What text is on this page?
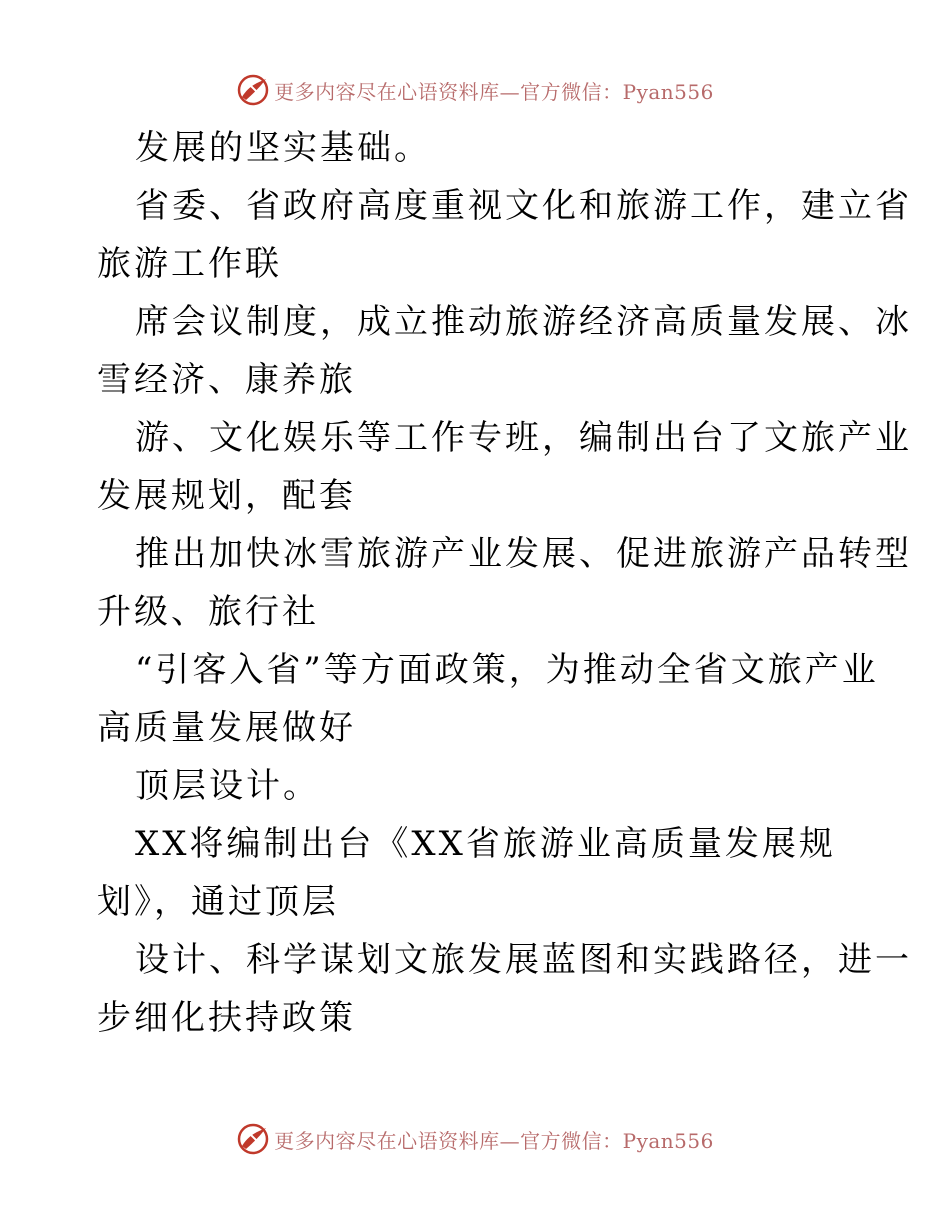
更多内容尽在心语资料库—官方微信：Pyan556
发展的坚实基础。
省委、省政府高度重视文化和旅游工作，建立省
旅游工作联
席会议制度，成立推动旅游经济高质量发展、冰
雪经济、康养旅
游、文化娱乐等工作专班，编制出台了文旅产业
发展规划，配套
推出加快冰雪旅游产业发展、促进旅游产品转型
升级、旅行社
“引客入省”等方面政策，为推动全省文旅产业
高质量发展做好
顶层设计。
XX将编制出台《XX省旅游业高质量发展规
划》，通过顶层
设计、科学谋划文旅发展蓝图和实践路径，进一
步细化扶持政策
更多内容尽在心语资料库—官方微信：Pyan556
